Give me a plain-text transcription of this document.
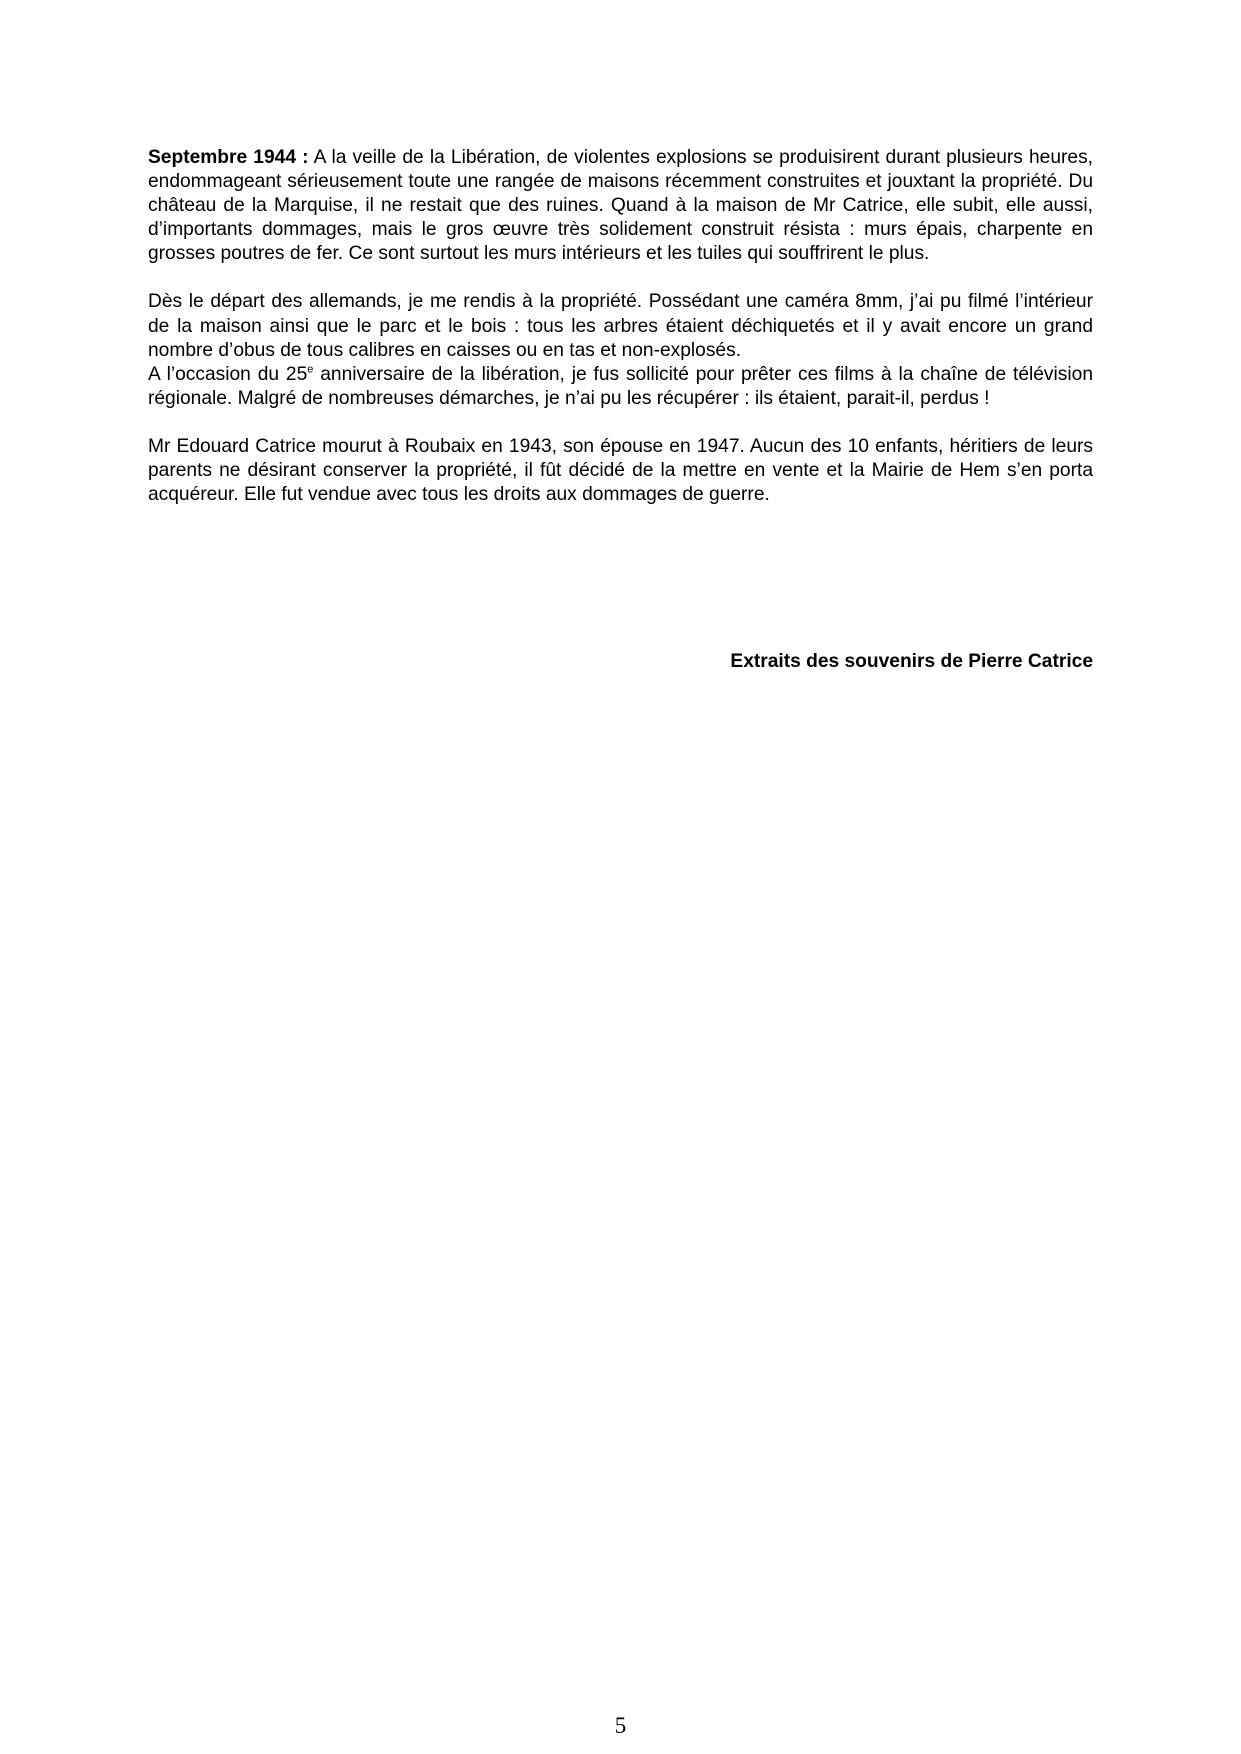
Septembre 1944 : A la veille de la Libération, de violentes explosions se produisirent durant plusieurs heures, endommageant sérieusement toute une rangée de maisons récemment construites et jouxtant la propriété. Du château de la Marquise, il ne restait que des ruines. Quand à la maison de Mr Catrice, elle subit, elle aussi, d’importants dommages, mais le gros œuvre très solidement construit résista : murs épais, charpente en grosses poutres de fer. Ce sont surtout les murs intérieurs et les tuiles qui souffrirent le plus.

Dès le départ des allemands, je me rendis à la propriété. Possédant une caméra 8mm, j’ai pu filmé l’intérieur de la maison ainsi que le parc et le bois : tous les arbres étaient déchiquetés et il y avait encore un grand nombre d’obus de tous calibres en caisses ou en tas et non-explosés.

A l’occasion du 25e anniversaire de la libération, je fus sollicité pour prêter ces films à la chaîne de télévision régionale. Malgré de nombreuses démarches, je n’ai pu les récupérer : ils étaient, parait-il, perdus !

Mr Edouard Catrice mourut à Roubaix en 1943, son épouse en 1947. Aucun des 10 enfants, héritiers de leurs parents ne désirant conserver la propriété, il fût décidé de la mettre en vente et la Mairie de Hem s’en porta acquéreur. Elle fut vendue avec tous les droits aux dommages de guerre.

Extraits des souvenirs de Pierre Catrice
5
